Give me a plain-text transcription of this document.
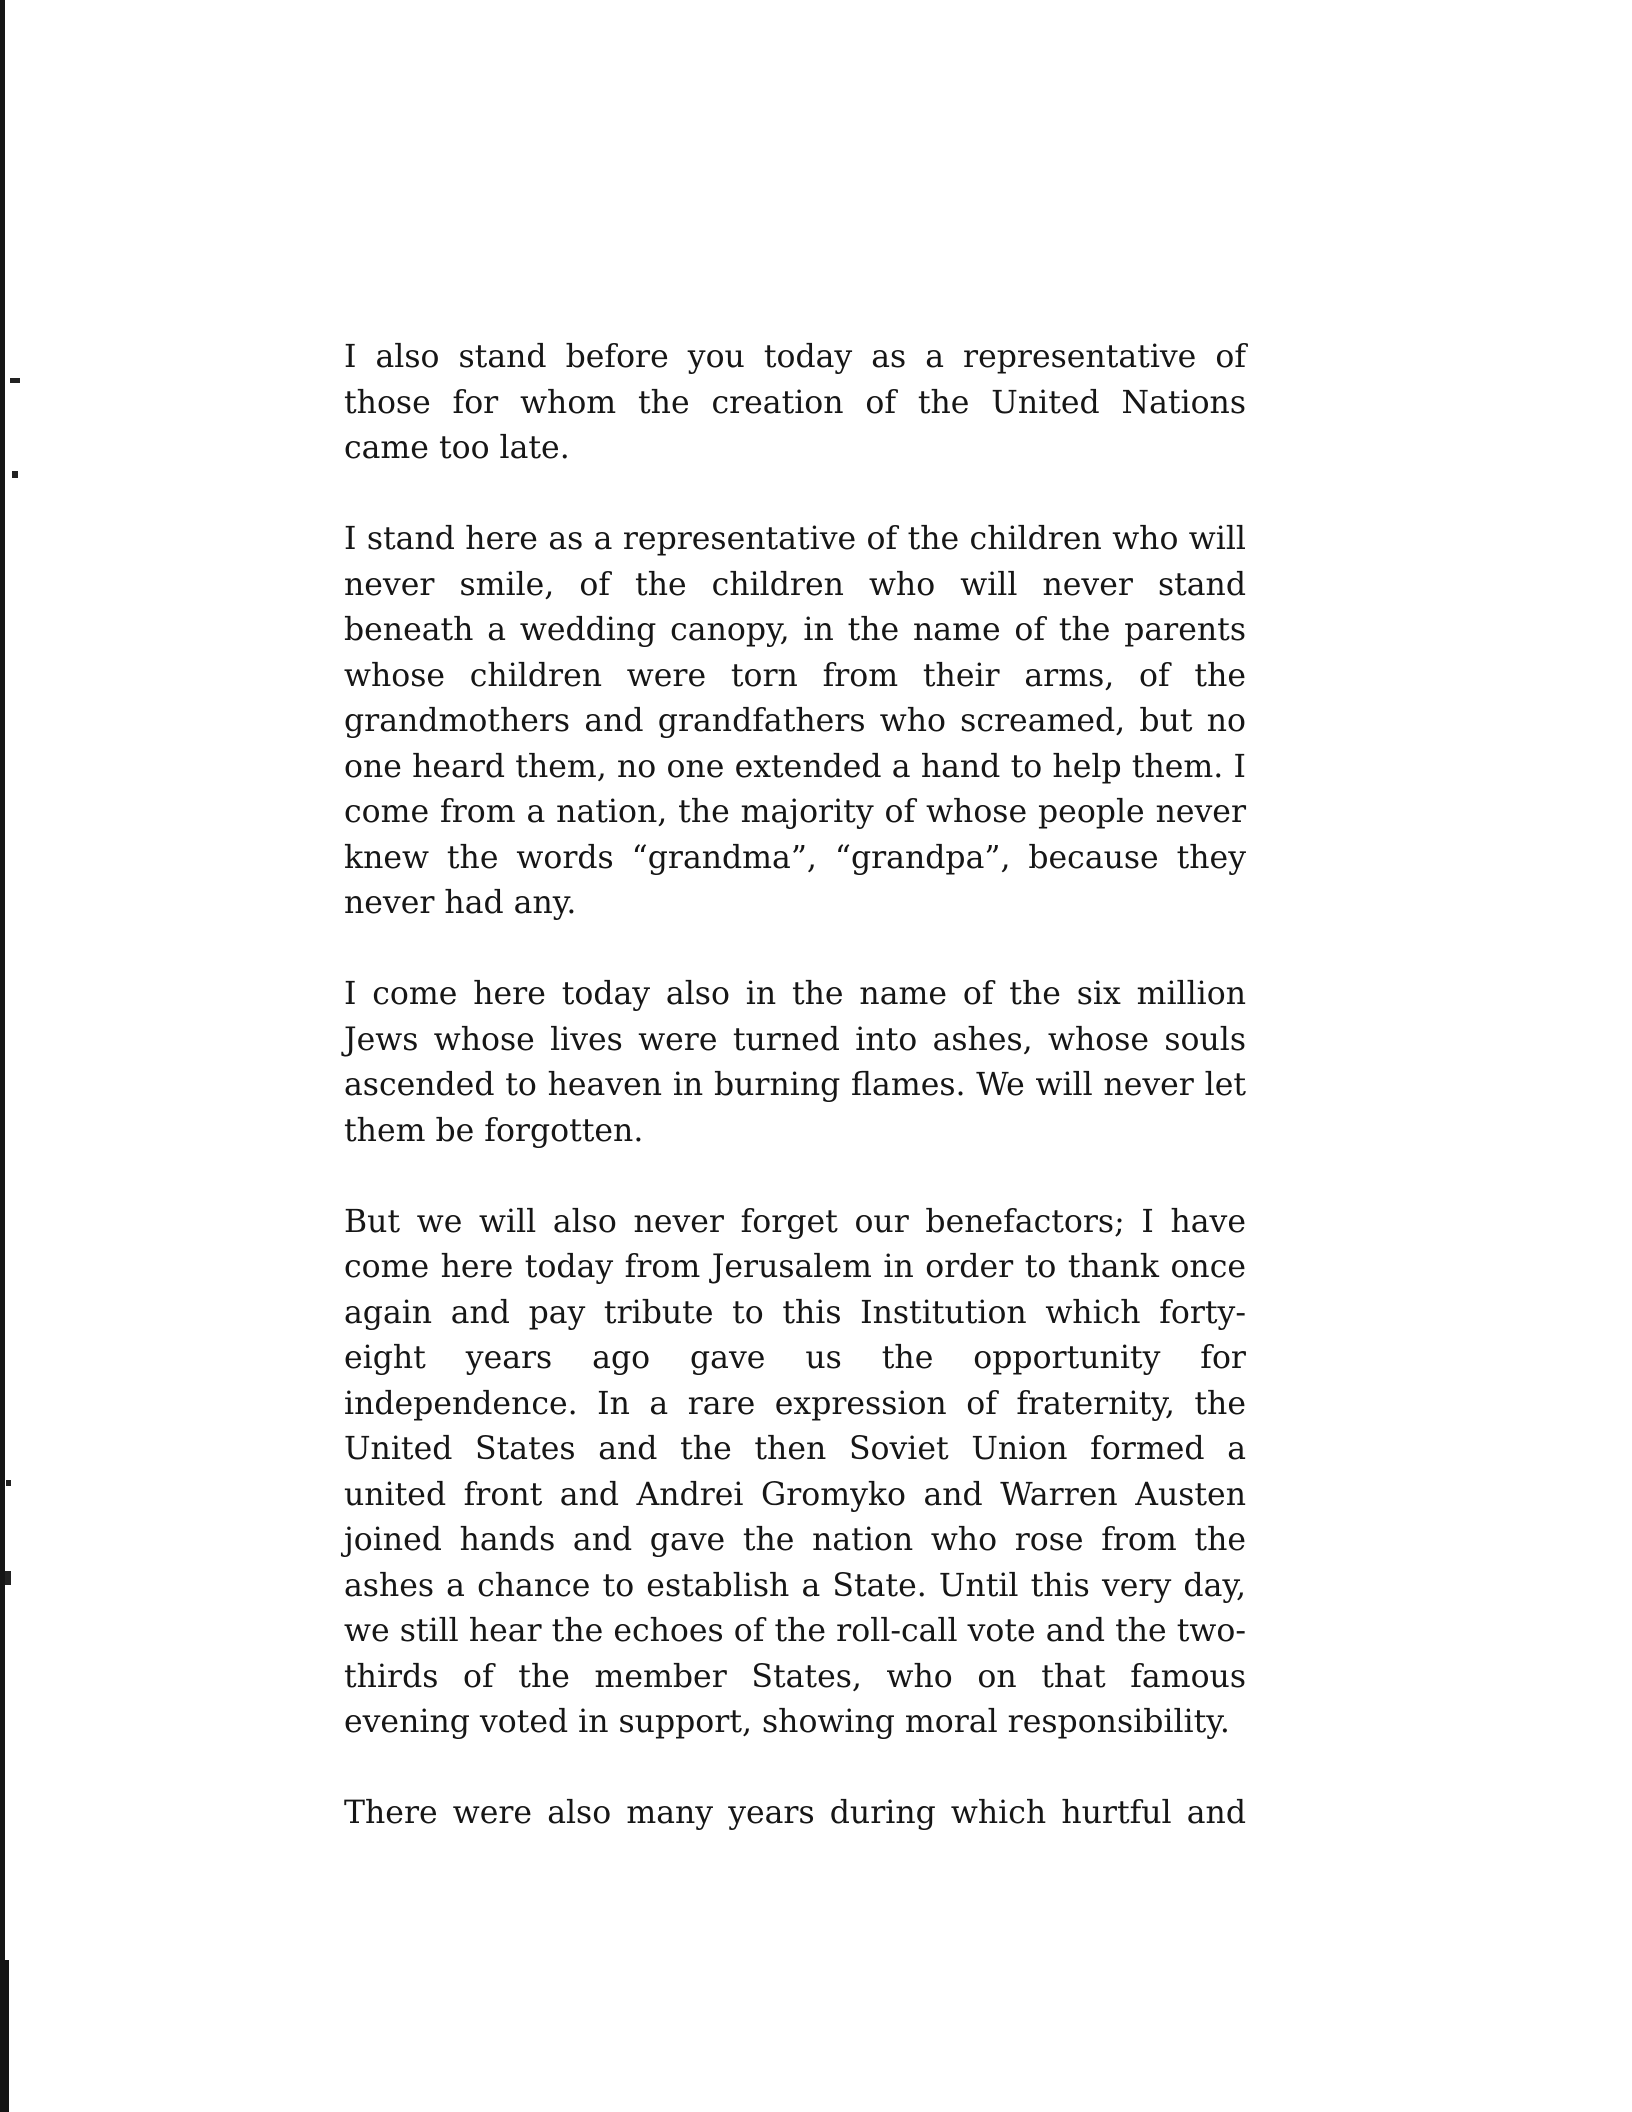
I also stand before you today as a representative of those for whom the creation of the United Nations came too late.

I stand here as a representative of the children who will never smile, of the children who will never stand beneath a wedding canopy, in the name of the parents whose children were torn from their arms, of the grandmothers and grandfathers who screamed, but no one heard them, no one extended a hand to help them. I come from a nation, the majority of whose people never knew the words “grandma”, “grandpa”, because they never had any.

I come here today also in the name of the six million Jews whose lives were turned into ashes, whose souls ascended to heaven in burning flames. We will never let them be forgotten.

But we will also never forget our benefactors; I have come here today from Jerusalem in order to thank once again and pay tribute to this Institution which forty-eight years ago gave us the opportunity for independence. In a rare expression of fraternity, the United States and the then Soviet Union formed a united front and Andrei Gromyko and Warren Austen joined hands and gave the nation who rose from the ashes a chance to establish a State. Until this very day, we still hear the echoes of the roll-call vote and the two-thirds of the member States, who on that famous evening voted in support, showing moral responsibility.

There were also many years during which hurtful and
